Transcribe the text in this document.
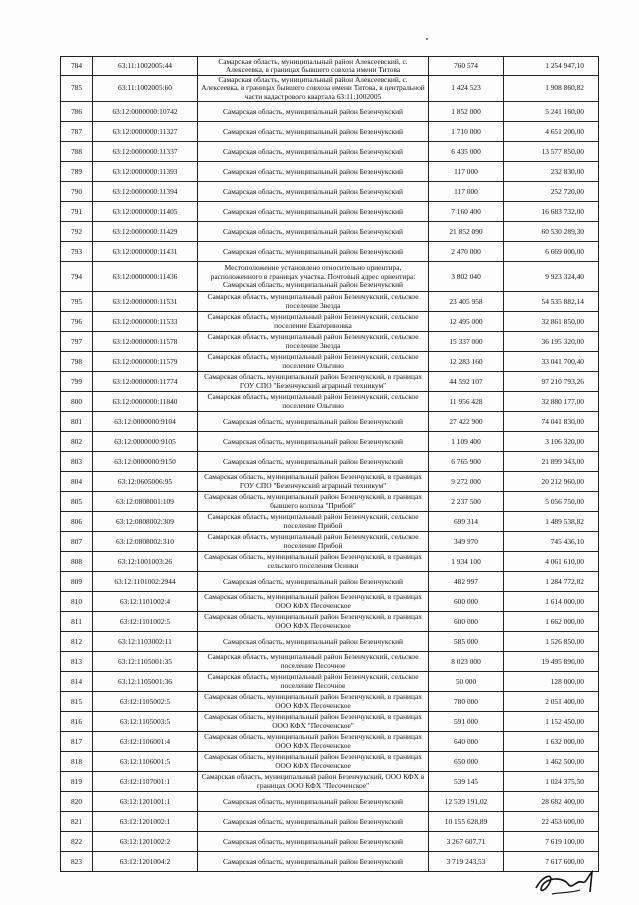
784	63:11:1002005:44	Самарская область, муниципальный район Алексеевский, с. Алексеевка, в границах бывшего совхоза имени Титова	760 574	1 254 947,10
785	63:11:1002005:60	Самарская область, муниципальный район Алексеевский, с. Алексеевка, в границах бывшего совхоза имени Титова, в центральной части кадастрового квартала 63:11:1002005	1 424 523	1 908 860,82
786	63:12:0000000:10742	Самарская область, муниципальный район Безенчукский	1 852 000	5 241 160,00
787	63:12:0000000:11327	Самарская область, муниципальный район Безенчукский	1 710 000	4 651 200,00
788	63:12:0000000:11337	Самарская область, муниципальный район Безенчукский	6 435 000	13 577 850,00
789	63:12:0000000:11393	Самарская область, муниципальный район Безенчукский	117 000	232 830,00
790	63:12:0000000:11394	Самарская область, муниципальный район Безенчукский	117 000	252 720,00
791	63:12:0000000:11405	Самарская область, муниципальный район Безенчукский	7 160 400	16 683 732,00
792	63:12:0000000:11429	Самарская область, муниципальный район Безенчукский	21 852 090	60 530 289,30
793	63:12:0000000:11431	Самарская область, муниципальный район Безенчукский	2 470 000	6 669 000,00
794	63:12:0000000:11436	Местоположение установлено относительно ориентира, расположенного в границах участка. Почтовый адрес ориентира: Самарская область, муниципальный район Безенчукский	3 802 040	9 923 324,40
795	63:12:0000000:11531	Самарская область, муниципальный район Безенчукский, сельское поселение Звезда	23 405 958	54 535 882,14
796	63:12:0000000:11533	Самарская область, муниципальный район Безенчукский, сельское поселение Екатериновка	12 495 000	32 861 850,00
797	63:12:0000000:11578	Самарская область, муниципальный район Безенчукский, сельское поселение Звезда	15 337 000	36 195 320,00
798	63:12:0000000:11579	Самарская область, муниципальный район Безенчукский, сельское поселение Ольгино	12 283 160	33 041 700,40
799	63:12:0000000:11774	Самарская область, муниципальный район Безенчукский, в границах ГОУ СПО "Безенчукский аграрный техникум"	44 592 107	97 210 793,26
800	63:12:0000000:11840	Самарская область, муниципальный район Безенчукский, сельское поселение Ольгино	11 956 428	32 880 177,00
801	63:12:0000000:9104	Самарская область, муниципальный район Безенчукский	27 422 900	74 041 830,00
802	63:12:0000000:9105	Самарская область, муниципальный район Безенчукский	1 109 400	3 106 320,00
803	63:12:0000000:9150	Самарская область, муниципальный район Безенчукский	6 765 900	21 899 343,00
804	63:12:0605006:95	Самарская область, муниципальный район Безенчукский, в границах ГОУ СПО "Безенчукский аграрный техникум"	9 272 000	20 212 960,00
805	63:12:0808001:109	Самарская область, муниципальный район Безенчукский, в границах бывшего колхоза "Прибой"	2 237 500	5 056 750,00
806	63:12:0808002:309	Самарская область, муниципальный район Безенчукский, сельское поселение Прибой	699 314	1 489 538,82
807	63:12:0808002:310	Самарская область, муниципальный район Безенчукский, сельское поселение Прибой	349 970	745 436,10
808	63:12:1001003:26	Самарская область, муниципальный район Безенчукский, в границах сельского поселения Осинки	1 934 100	4 061 610,00
809	63:12:1101002:2944	Самарская область, муниципальный район Безенчукский	482 997	1 284 772,02
810	63:12:1101002:4	Самарская область, муниципальный район Безенчукский, в границах ООО КФХ Песоченское	600 000	1 614 000,00
811	63:12:1101002:5	Самарская область, муниципальный район Безенчукский, в границах ООО КФХ Песоченское	600 000	1 662 000,00
812	63:12:1103002:11	Самарская область, муниципальный район Безенчукский	585 000	1 526 850,00
813	63:12:1105001:35	Самарская область, муниципальный район Безенчукский, сельское поселение Песочное	8 023 000	19 495 890,00
814	63:12:1105001:36	Самарская область, муниципальный район Безенчукский, сельское поселение Песочное	50 000	128 000,00
815	63:12:1105002:5	Самарская область, муниципальный район Безенчукский, в границах ООО КФХ Песоченское	780 000	2 051 400,00
816	63:12:1105003:5	Самарская область, муниципальный район Безенчукский, в границах ООО КФХ "Песоченское"	591 000	1 152 450,00
817	63:12:1106001:4	Самарская область, муниципальный район Безенчукский, в границах ООО КФХ Песоченское	640 000	1 632 000,00
818	63:12:1106001:5	Самарская область, муниципальный район Безенчукский, в границах ООО КФХ Песоченское	650 000	1 462 500,00
819	63:12:1107001:1	Самарская область, муниципальный район Безенчукский, ООО КФХ в границах ООО КФХ "Песоченское"	539 145	1 024 375,50
820	63:12:1201001:1	Самарская область, муниципальный район Безенчукский	12 539 191,02	28 682 400,00
821	63:12:1201002:1	Самарская область, муниципальный район Безенчукский	10 155 628,89	22 453 600,00
822	63:12:1201002:2	Самарская область, муниципальный район Безенчукский	3 267 607,71	7 619 100,00
823	63:12:1201004:2	Самарская область, муниципальный район Безенчукский	3 719 243,53	7 617 600,00
